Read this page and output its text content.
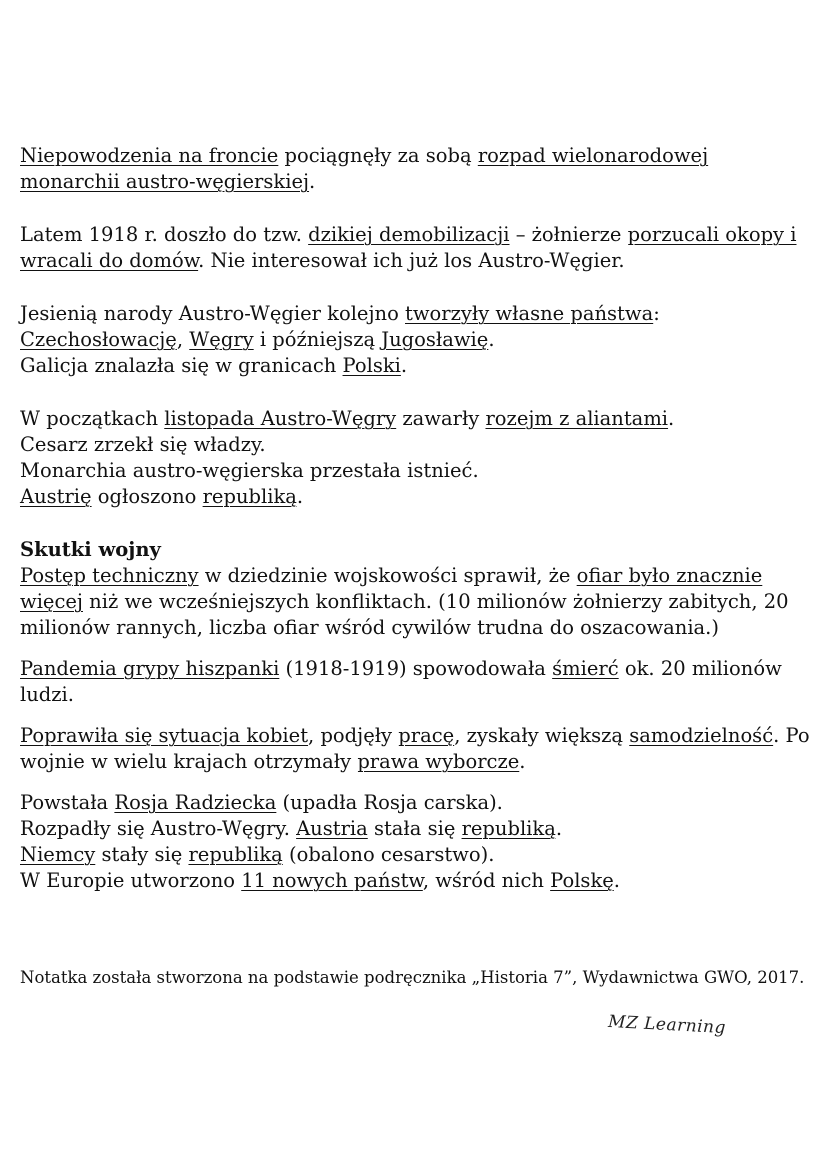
Niepowodzenia na froncie pociągnęły za sobą rozpad wielonarodowej monarchii austro-węgierskiej.
Latem 1918 r. doszło do tzw. dzikiej demobilizacji – żołnierze porzucali okopy i wracali do domów. Nie interesował ich już los Austro-Węgier.
Jesienią narody Austro-Węgier kolejno tworzyły własne państwa: Czechosłowację, Węgry i późniejszą Jugosławię.
Galicja znalazła się w granicach Polski.
W początkach listopada Austro-Węgry zawarły rozejm z aliantami.
Cesarz zrzekł się władzy.
Monarchia austro-węgierska przestała istnieć.
Austrię ogłoszono republiką.
Skutki wojny
Postęp techniczny w dziedzinie wojskowości sprawił, że ofiar było znacznie więcej niż we wcześniejszych konfliktach. (10 milionów żołnierzy zabitych, 20 milionów rannych, liczba ofiar wśród cywilów trudna do oszacowania.)
Pandemia grypy hiszpanki (1918-1919) spowodowała śmierć ok. 20 milionów ludzi.
Poprawiła się sytuacja kobiet, podjęły pracę, zyskały większą samodzielność. Po wojnie w wielu krajach otrzymały prawa wyborcze.
Powstała Rosja Radziecka (upadła Rosja carska).
Rozpadły się Austro-Węgry. Austria stała się republiką.
Niemcy stały się republiką (obalono cesarstwo).
W Europie utworzono 11 nowych państw, wśród nich Polskę.
Notatka została stworzona na podstawie podręcznika „Historia 7”, Wydawnictwa GWO, 2017.
MZ Learning
